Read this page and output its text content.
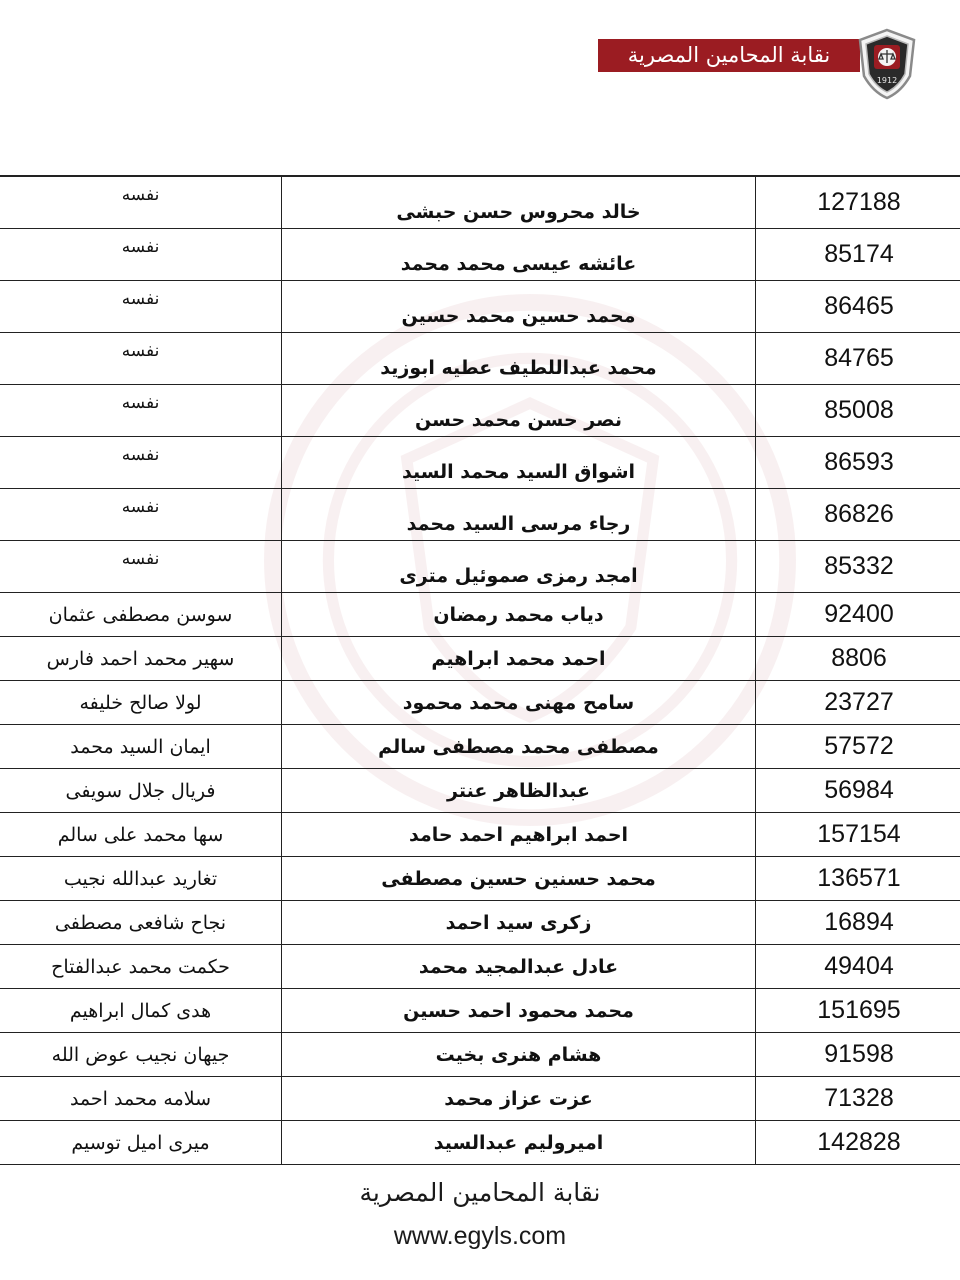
نقابة المحامين المصرية
1912
نفسه	خالد محروس حسن حبشى	127188
نفسه	عائشه عيسى محمد محمد	85174
نفسه	محمد حسين محمد حسين	86465
نفسه	محمد عبداللطيف عطيه ابوزيد	84765
نفسه	نصر حسن محمد حسن	85008
نفسه	اشواق السيد محمد السيد	86593
نفسه	رجاء مرسى السيد محمد	86826
نفسه	امجد رمزى صموئيل مترى	85332
سوسن مصطفى عثمان	دياب محمد رمضان	92400
سهير محمد احمد فارس	احمد محمد ابراهيم	8806
لولا صالح خليفه	سامح مهنى محمد محمود	23727
ايمان السيد محمد	مصطفى محمد مصطفى سالم	57572
فريال جلال سويفى	عبدالظاهر عنتر	56984
سها محمد على سالم	احمد ابراهيم احمد حامد	157154
تغاريد عبدالله نجيب	محمد حسنين حسين مصطفى	136571
نجاح شافعى مصطفى	زكرى سيد احمد	16894
حكمت محمد عبدالفتاح	عادل عبدالمجيد محمد	49404
هدى كمال ابراهيم	محمد محمود احمد حسين	151695
جيهان نجيب عوض الله	هشام هنرى بخيت	91598
سلامه محمد احمد	عزت عزاز محمد	71328
ميرى اميل توسيم	اميروليم عبدالسيد	142828
نقابة المحامين المصرية
www.egyls.com
